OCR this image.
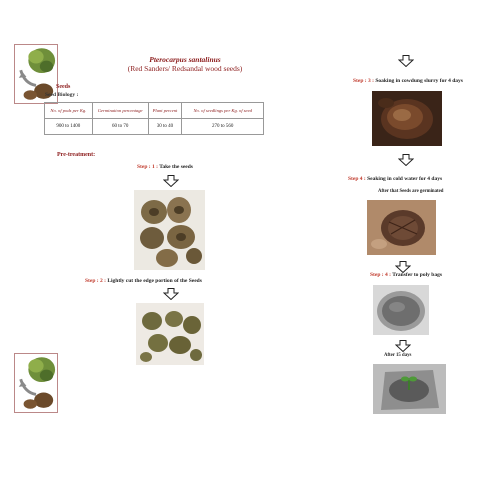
Pterocarpus santalinus
(Red Sanders/ Redsandal wood seeds)
Seeds
Seed Biology :
No. of pods per Kg.	Germination percentage	Plant percent	No. of seedlings per Kg. of seed
900 to 1400	60 to 70	30 to 40	270 to 560
Pre-treatment:
Step : 1 : Take the seeds
Step : 2 : Lightly cut the edge portion of the Seeds
Step : 3 : Soaking in cowdung slurry for 4 days
Step 4 : Seaking in cold water for 4 days
After that Seeds are germinated
Step : 4 : Transfer to poly bags
After 15 days
